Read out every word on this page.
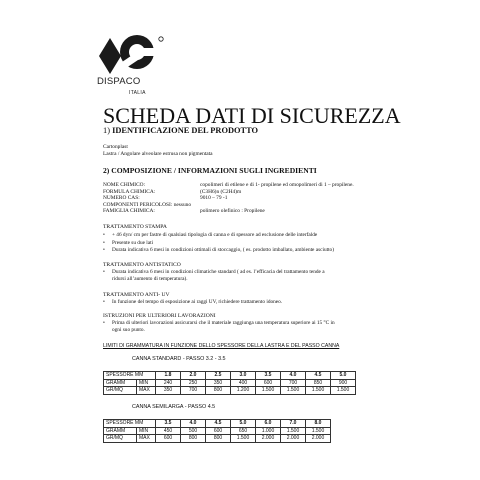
DISPACO
ITALIA
SCHEDA DATI DI SICUREZZA
1) IDENTIFICAZIONE DEL PRODOTTO
Cartonplast
Lastra / Angolare alveolare estrusa non pigmentata
2) COMPOSIZIONE / INFORMAZIONI SUGLI INGREDIENTI
NOME CHIMICO:	copolimeri di etilene e di 1- propilene ed omopolimeri di 1 – propilene.
FORMULA CHIMICA:	(C3H6)n (C2H4)m
NUMERO CAS:	9010 – 79 -1
COMPONENTI PERICOLOSI: nessuno
FAMIGLIA CHIMICA:	polimero olefinico : Propilene
TRATTAMENTO STAMPA
• + 46 dyn/ cm per fastre di qualsiasi tipologia di canna e di spessore ad esclusione delle interfalde
• Presente su due lati
• Durata indicativa 6 mesi in condizioni ottimali di stoccaggio, ( es. prodotto imballato, ambiente asciutto)
TRATTAMENTO ANTISTATICO
• Durata indicativa 6 mesi in condizioni climatiche standard ( ad es. l’efficacia del trattamento tende a
ridursi all’aumento di temperatura).
TRATTAMENTO ANTI- UV
• In funzione del tempo di esposizione ai raggi UV, richiedere trattamento idoneo.
ISTRUZIONI PER ULTERIORI LAVORAZIONI
• Prima di ulteriori lavorazioni assicurarsi che il materiale raggiunga una temperatura superiore ai 15 °C in
ogni suo punto.
LIMITI DI GRAMMATURA IN FUNZIONE DELLO SPESSORE DELLA LASTRA E DEL PASSO CANNA
CANNA STANDARD - PASSO 3.2 - 3.5
SPESSORE MM		1.8	2.0	2.5	3.0	3.5	4.0	4.5	5.0
GRAMM	MIN	240	250	350	400	600	700	850	900
GR/MQ	MAX	350	700	800	1.200	1.500	1.500	1.500	1.500
CANNA SEMILARGA - PASSO 4.5
SPESSORE MM		3.5	4.0	4.5	5.0	6.0	7.0	8.0
GRAMM	MIN	450	500	600	650	1.000	1.500	1.500
GR/MQ	MAX	600	800	800	1.500	2.000	2.000	2.000
